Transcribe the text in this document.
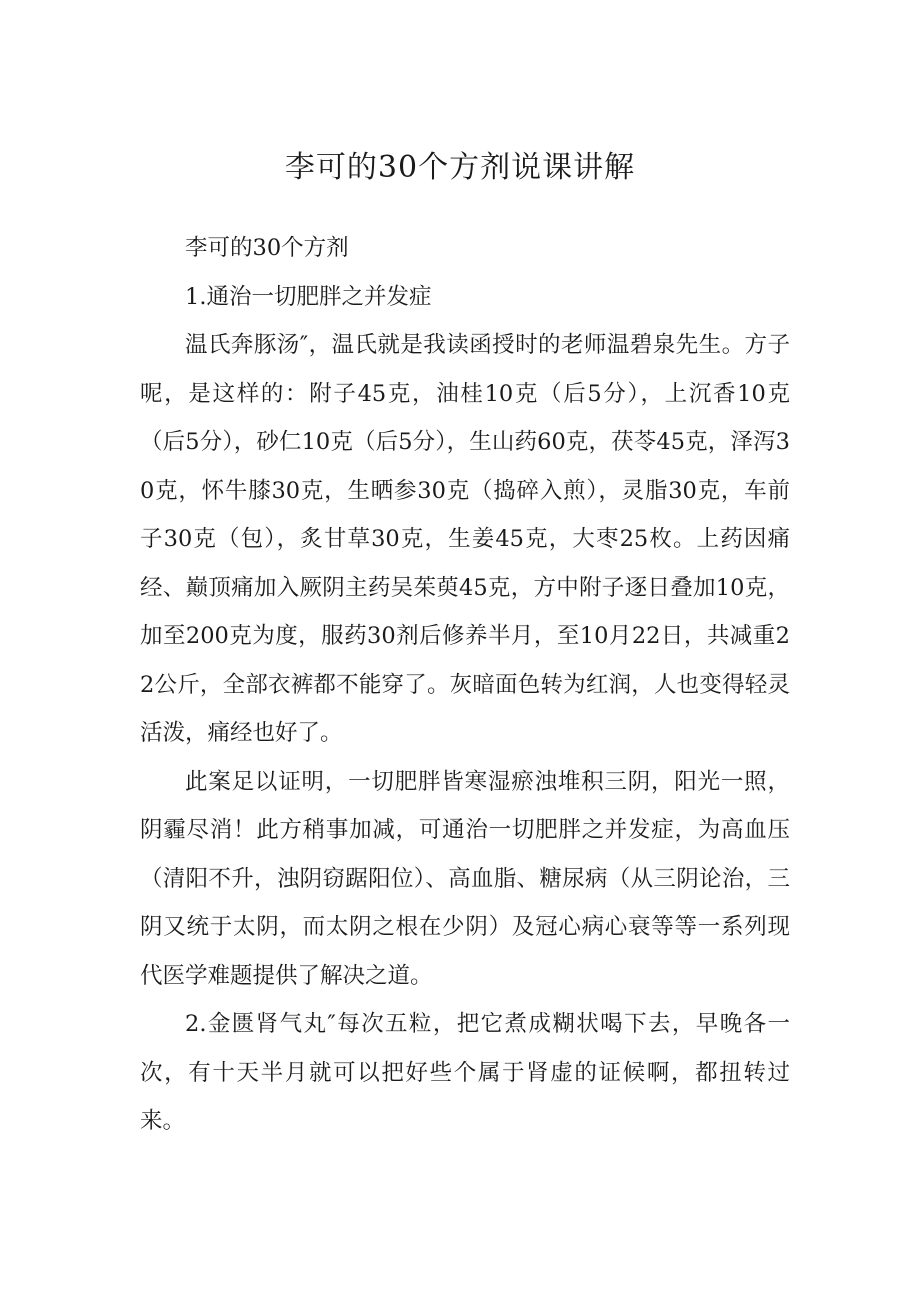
李可的30个方剂说课讲解

李可的30个方剂

1.通治一切肥胖之并发症

温氏奔豚汤″，温氏就是我读函授时的老师温碧泉先生。方子呢，是这样的：附子45克，油桂10克（后5分），上沉香10克（后5分），砂仁10克（后5分），生山药60克，茯苓45克，泽泻30克，怀牛膝30克，生晒参30克（捣碎入煎），灵脂30克，车前子30克（包），炙甘草30克，生姜45克，大枣25枚。上药因痛经、巅顶痛加入厥阴主药吴茱萸45克，方中附子逐日叠加10克，加至200克为度，服药30剂后修养半月，至10月22日，共减重22公斤，全部衣裤都不能穿了。灰暗面色转为红润，人也变得轻灵活泼，痛经也好了。

此案足以证明，一切肥胖皆寒湿瘀浊堆积三阴，阳光一照，阴霾尽消！此方稍事加减，可通治一切肥胖之并发症，为高血压（清阳不升，浊阴窃踞阳位）、高血脂、糖尿病（从三阴论治，三阴又统于太阴，而太阴之根在少阴）及冠心病心衰等等一系列现代医学难题提供了解决之道。

2.金匮肾气丸″每次五粒，把它煮成糊状喝下去，早晚各一次，有十天半月就可以把好些个属于肾虚的证候啊，都扭转过来。
